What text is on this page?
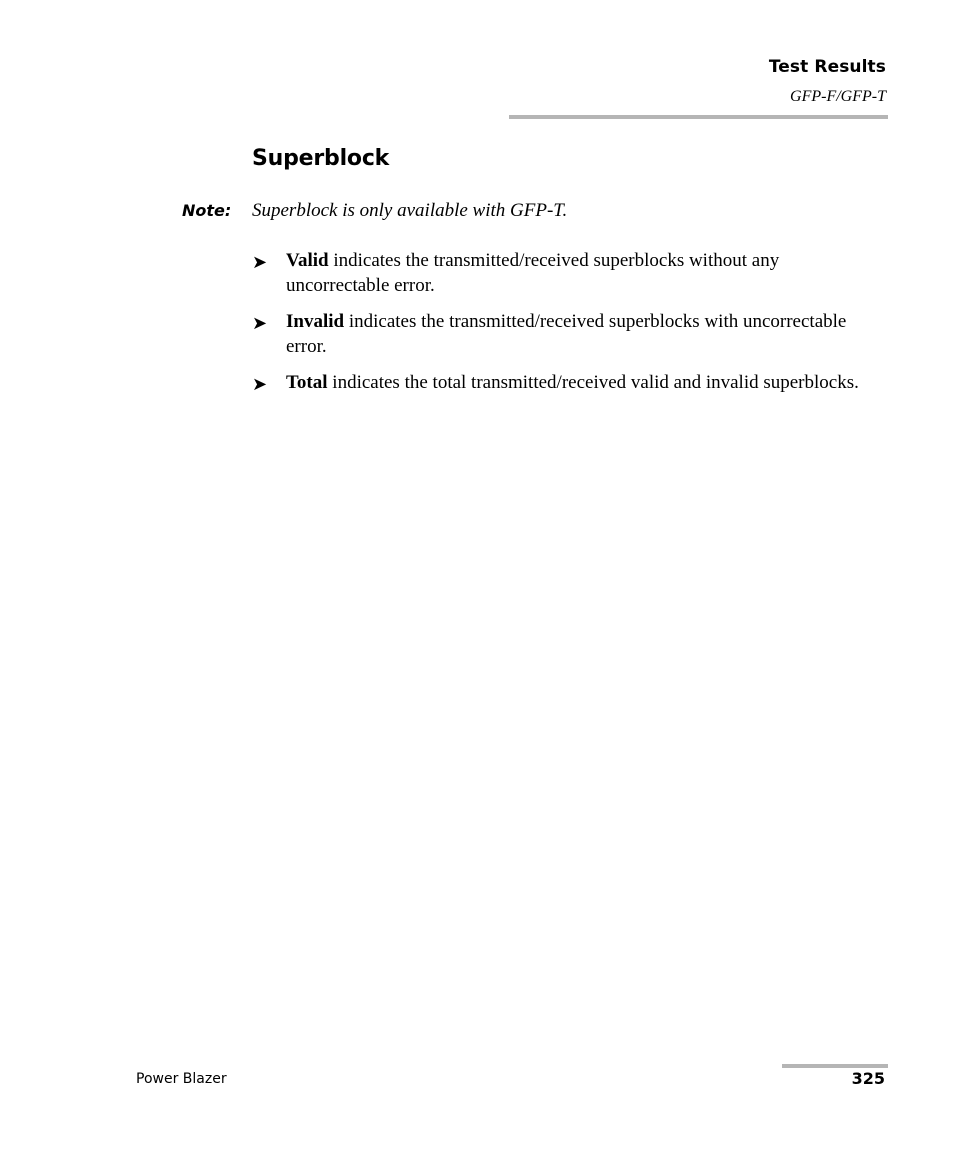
Test Results
GFP-F/GFP-T
Superblock
Note: Superblock is only available with GFP-T.
➤ Valid indicates the transmitted/received superblocks without any uncorrectable error.
➤ Invalid indicates the transmitted/received superblocks with uncorrectable error.
➤ Total indicates the total transmitted/received valid and invalid superblocks.
Power Blazer	325
